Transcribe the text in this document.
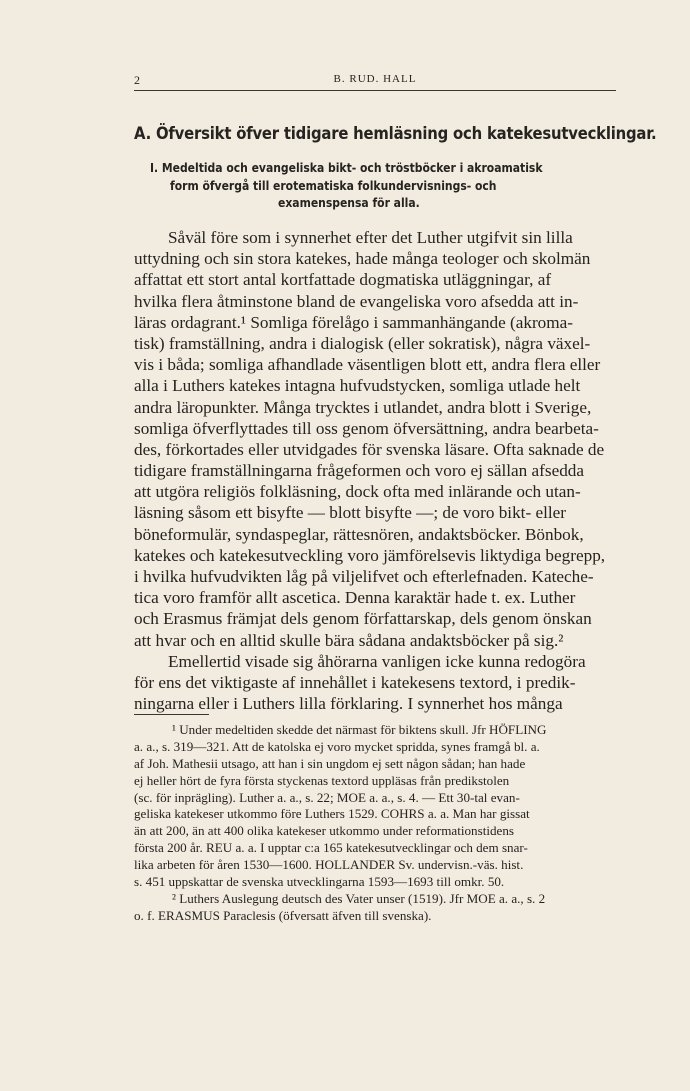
2	B. RUD. HALL
A. Öfversikt öfver tidigare hemläsning och katekesutvecklingar.
I. Medeltida och evangeliska bikt- och tröstböcker i akroamatisk
form öfvergå till erotematiska folkundervisnings- och
examenspensa för alla.
Såväl före som i synnerhet efter det Luther utgifvit sin lilla
uttydning och sin stora katekes, hade många teologer och skolmän
affattat ett stort antal kortfattade dogmatiska utläggningar, af
hvilka flera åtminstone bland de evangeliska voro afsedda att in-
läras ordagrant.¹ Somliga förelågo i sammanhängande (akroma-
tisk) framställning, andra i dialogisk (eller sokratisk), några växel-
vis i båda; somliga afhandlade väsentligen blott ett, andra flera eller
alla i Luthers katekes intagna hufvudstycken, somliga utlade helt
andra läropunkter. Många trycktes i utlandet, andra blott i Sverige,
somliga öfverflyttades till oss genom öfversättning, andra bearbeta-
des, förkortades eller utvidgades för svenska läsare. Ofta saknade de
tidigare framställningarna frågeformen och voro ej sällan afsedda
att utgöra religiös folkläsning, dock ofta med inlärande och utan-
läsning såsom ett bisyfte — blott bisyfte —; de voro bikt- eller
böneformulär, syndaspeglar, rättesnören, andaktsböcker. Bönbok,
katekes och katekesutveckling voro jämförelsevis liktydiga begrepp,
i hvilka hufvudvikten låg på viljelifvet och efterlefnaden. Kateche-
tica voro framför allt ascetica. Denna karaktär hade t. ex. Luther
och Erasmus främjat dels genom författarskap, dels genom önskan
att hvar och en alltid skulle bära sådana andaktsböcker på sig.²
Emellertid visade sig åhörarna vanligen icke kunna redogöra
för ens det viktigaste af innehållet i katekesens textord, i predik-
ningarna eller i Luthers lilla förklaring. I synnerhet hos många
¹ Under medeltiden skedde det närmast för biktens skull. Jfr HÖFLING
a. a., s. 319—321. Att de katolska ej voro mycket spridda, synes framgå bl. a.
af Joh. Mathesii utsago, att han i sin ungdom ej sett någon sådan; han hade
ej heller hört de fyra första styckenas textord uppläsas från predikstolen
(sc. för inprägling). Luther a. a., s. 22; MOE a. a., s. 4. — Ett 30-tal evan-
geliska katekeser utkommo före Luthers 1529. COHRS a. a. Man har gissat
än att 200, än att 400 olika katekeser utkommo under reformationstidens
första 200 år. REU a. a. I upptar c:a 165 katekesutvecklingar och dem snar-
lika arbeten för åren 1530—1600. HOLLANDER Sv. undervisn.-väs. hist.
s. 451 uppskattar de svenska utvecklingarna 1593—1693 till omkr. 50.
² Luthers Auslegung deutsch des Vater unser (1519). Jfr MOE a. a., s. 2
o. f. ERASMUS Paraclesis (öfversatt äfven till svenska).
